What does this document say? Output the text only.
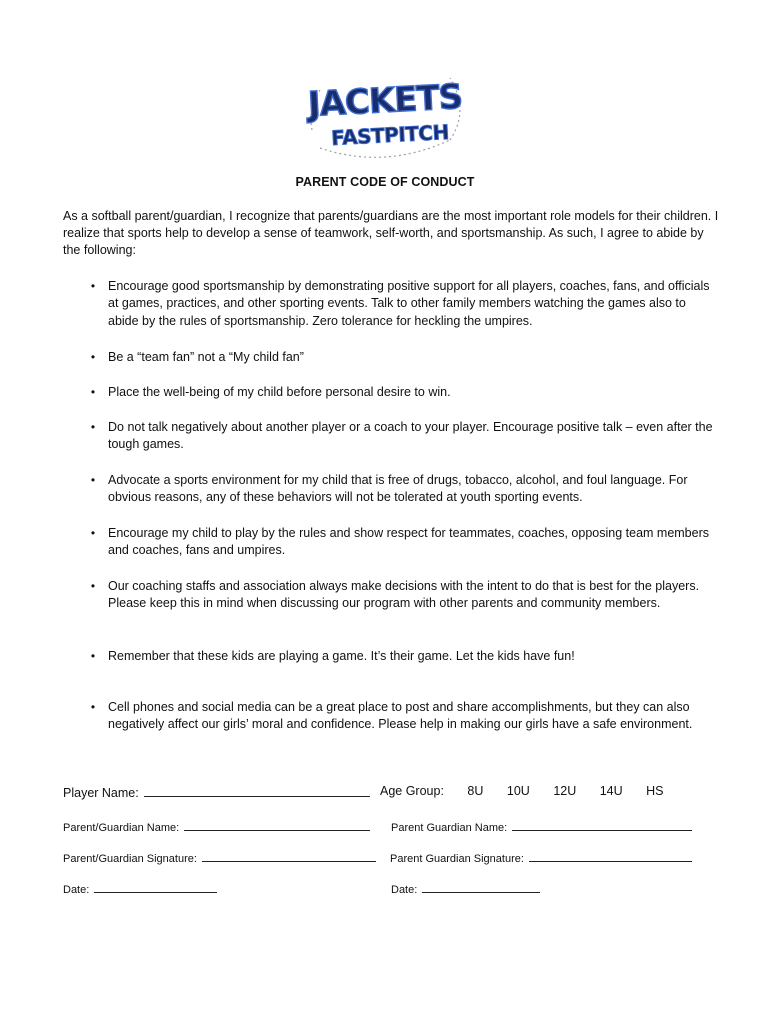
JACKETS
FASTPITCH
PARENT CODE OF CONDUCT

As a softball parent/guardian, I recognize that parents/guardians are the most important role models for their children. I realize that sports help to develop a sense of teamwork, self-worth, and sportsmanship. As such, I agree to abide by the following:

• Encourage good sportsmanship by demonstrating positive support for all players, coaches, fans, and officials at games, practices, and other sporting events. Talk to other family members watching the games also to abide by the rules of sportsmanship. Zero tolerance for heckling the umpires.
• Be a “team fan” not a “My child fan”
• Place the well-being of my child before personal desire to win.
• Do not talk negatively about another player or a coach to your player. Encourage positive talk – even after the tough games.
• Advocate a sports environment for my child that is free of drugs, tobacco, alcohol, and foul language. For obvious reasons, any of these behaviors will not be tolerated at youth sporting events.
• Encourage my child to play by the rules and show respect for teammates, coaches, opposing team members and coaches, fans and umpires.
• Our coaching staffs and association always make decisions with the intent to do that is best for the players. Please keep this in mind when discussing our program with other parents and community members.
• Remember that these kids are playing a game. It’s their game. Let the kids have fun!
• Cell phones and social media can be a great place to post and share accomplishments, but they can also negatively affect our girls’ moral and confidence. Please help in making our girls have a safe environment.
Player Name:	Age Group: 8U 10U 12U 14U HS
Parent/Guardian Name:	Parent Guardian Name:
Parent/Guardian Signature:	Parent Guardian Signature:
Date:	Date:
